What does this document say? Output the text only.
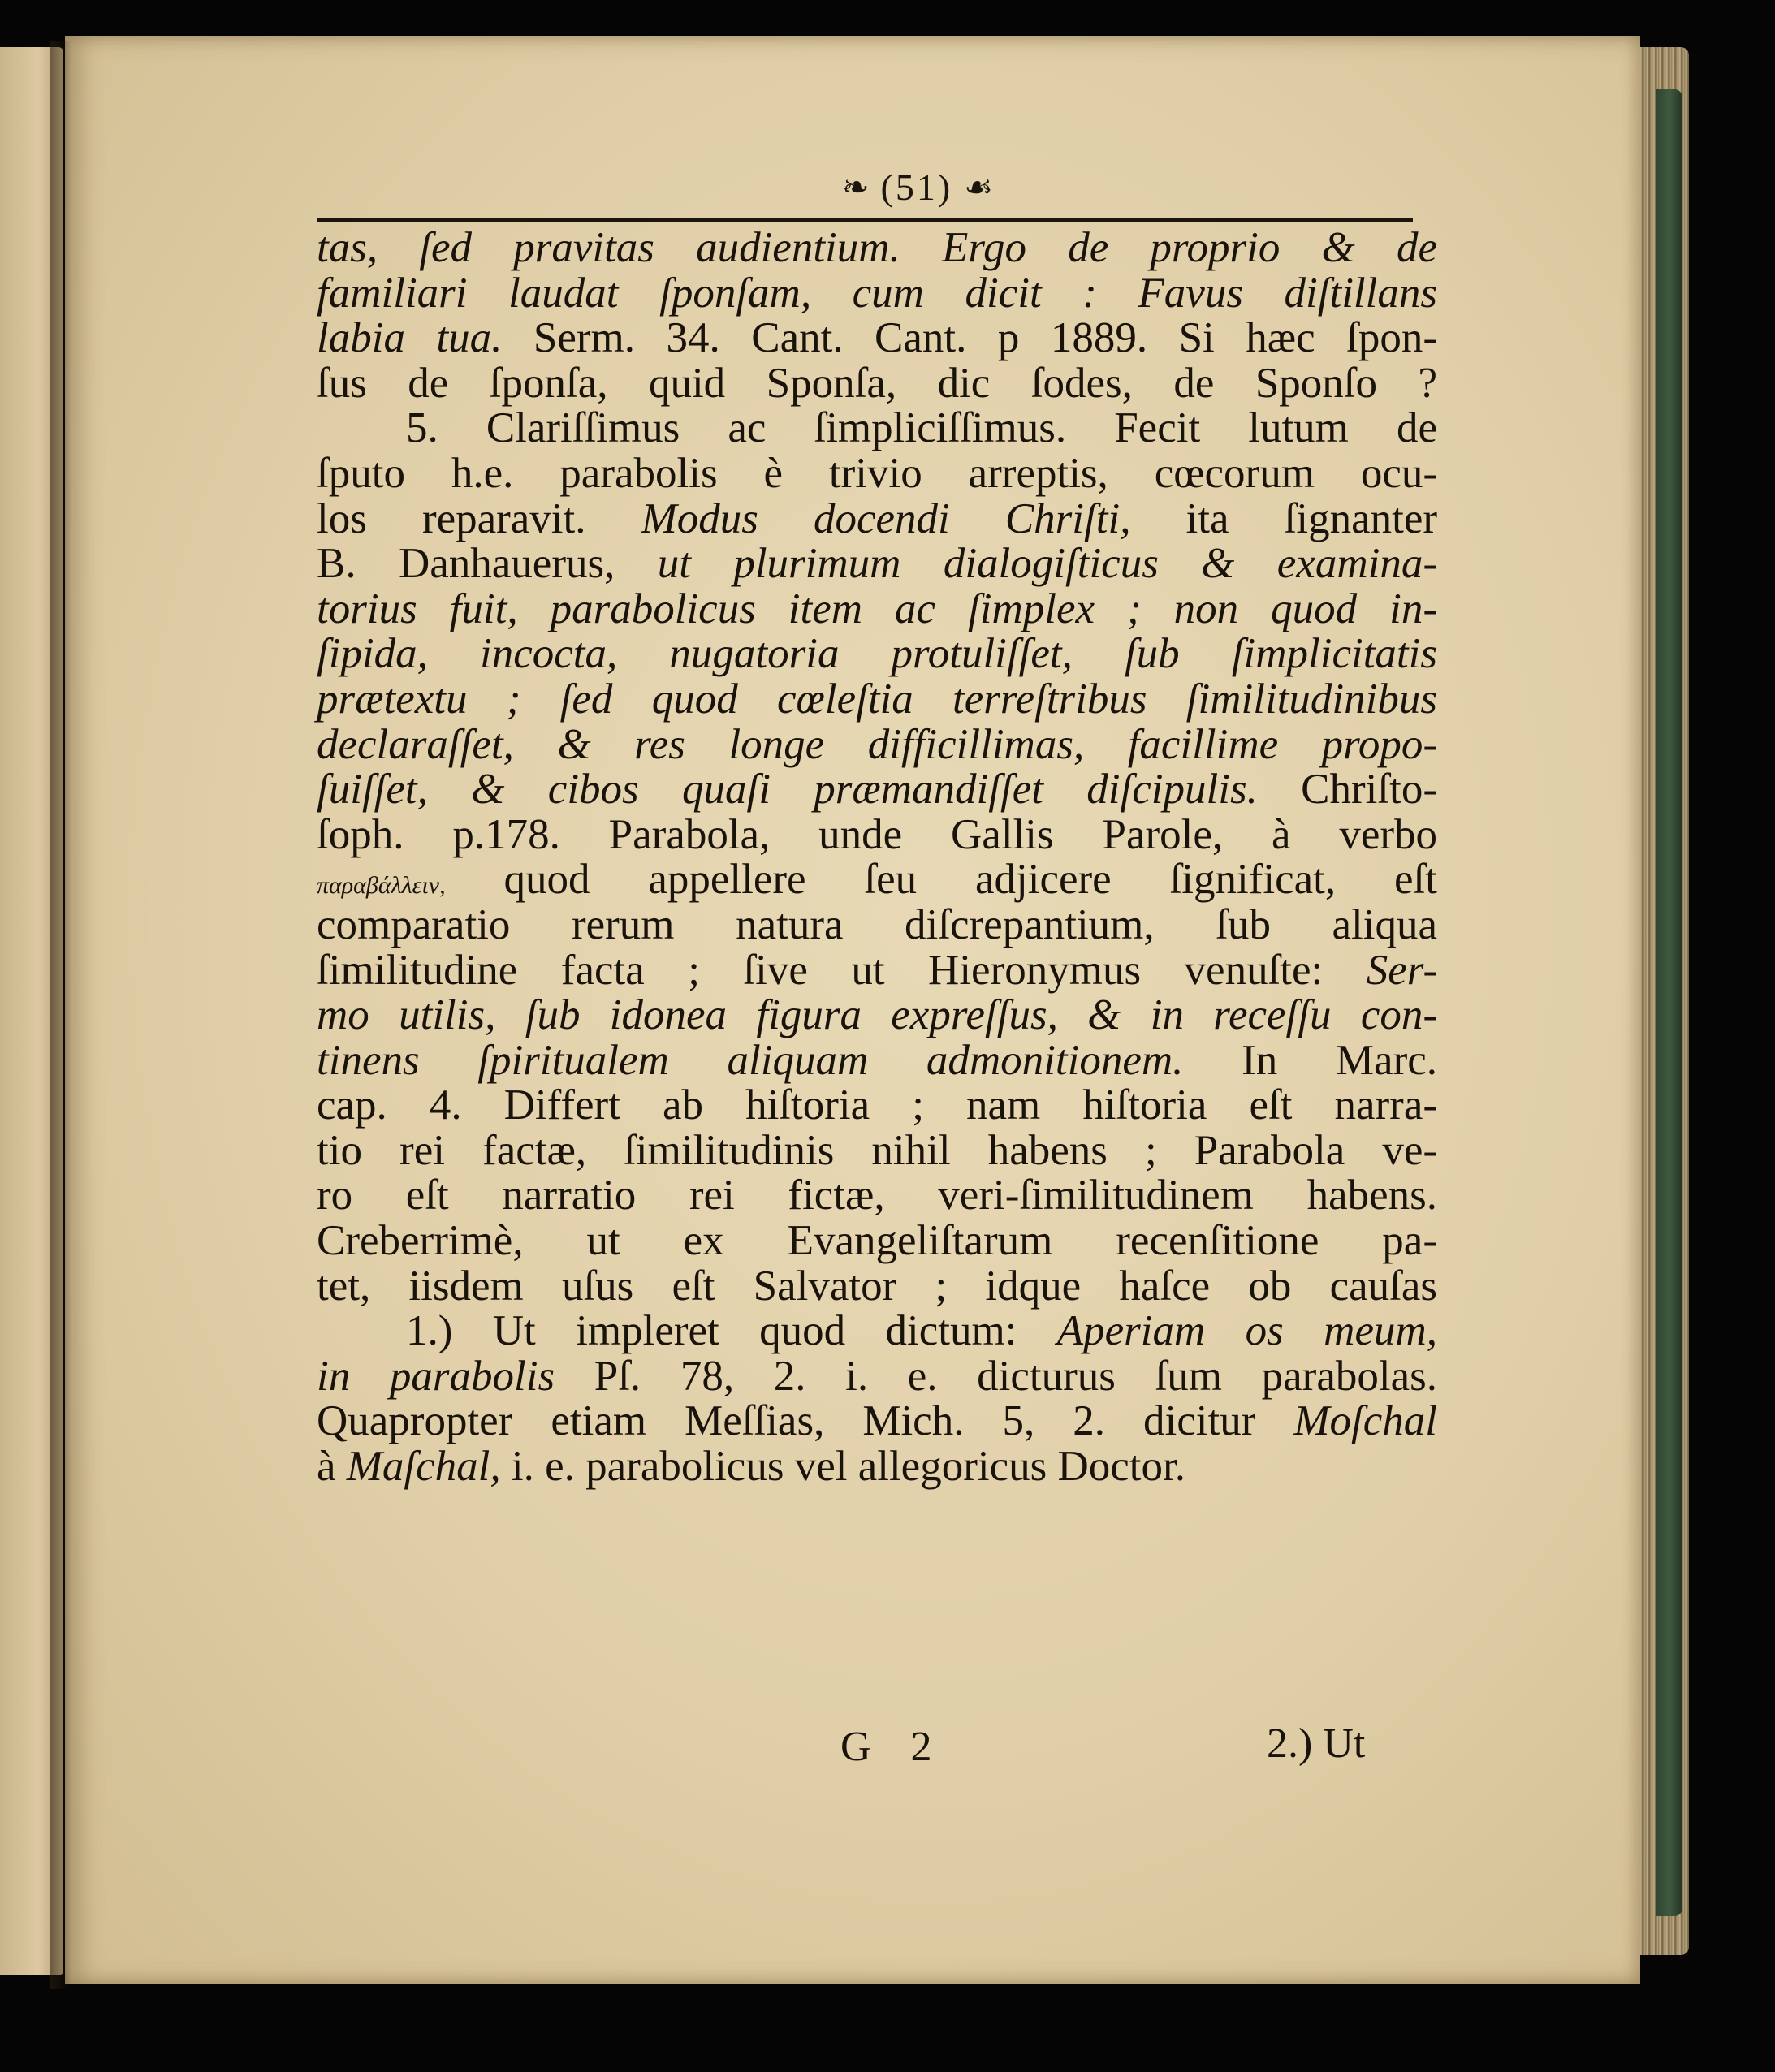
❧ (51) ☙
tas, ſed pravitas audientium. Ergo de proprio & de
familiari laudat ſponſam, cum dicit : Favus diſtillans
labia tua. Serm. 34. Cant. Cant. p 1889. Si hæc ſpon-
ſus de ſponſa, quid Sponſa, dic ſodes, de Sponſo ?
5. Clariſſimus ac ſimpliciſſimus. Fecit lutum de
ſputo h.e. parabolis è trivio arreptis, cœcorum ocu-
los reparavit. Modus docendi Chriſti, ita ſignanter
B. Danhauerus, ut plurimum dialogiſticus & examina-
torius fuit, parabolicus item ac ſimplex ; non quod in-
ſipida, incocta, nugatoria protuliſſet, ſub ſimplicitatis
prætextu ; ſed quod cœleſtia terreſtribus ſimilitudinibus
declaraſſet, & res longe difficillimas, facillime propo-
ſuiſſet, & cibos quaſi præmandiſſet diſcipulis. Chriſto-
ſoph. p.178. Parabola, unde Gallis Parole, à verbo
παραβάλλειν, quod appellere ſeu adjicere ſignificat, eſt
comparatio rerum natura diſcrepantium, ſub aliqua
ſimilitudine facta ; ſive ut Hieronymus venuſte: Ser-
mo utilis, ſub idonea figura expreſſus, & in receſſu con-
tinens ſpiritualem aliquam admonitionem. In Marc.
cap. 4. Differt ab hiſtoria ; nam hiſtoria eſt narra-
tio rei factæ, ſimilitudinis nihil habens ; Parabola ve-
ro eſt narratio rei fictæ, veri-ſimilitudinem habens.
Creberrimè, ut ex Evangeliſtarum recenſitione pa-
tet, iisdem uſus eſt Salvator ; idque haſce ob cauſas
1.) Ut impleret quod dictum: Aperiam os meum,
in parabolis Pſ. 78, 2. i. e. dicturus ſum parabolas.
Quapropter etiam Meſſias, Mich. 5, 2. dicitur Moſchal
à Maſchal, i. e. parabolicus vel allegoricus Doctor.
G 2	2.) Ut
